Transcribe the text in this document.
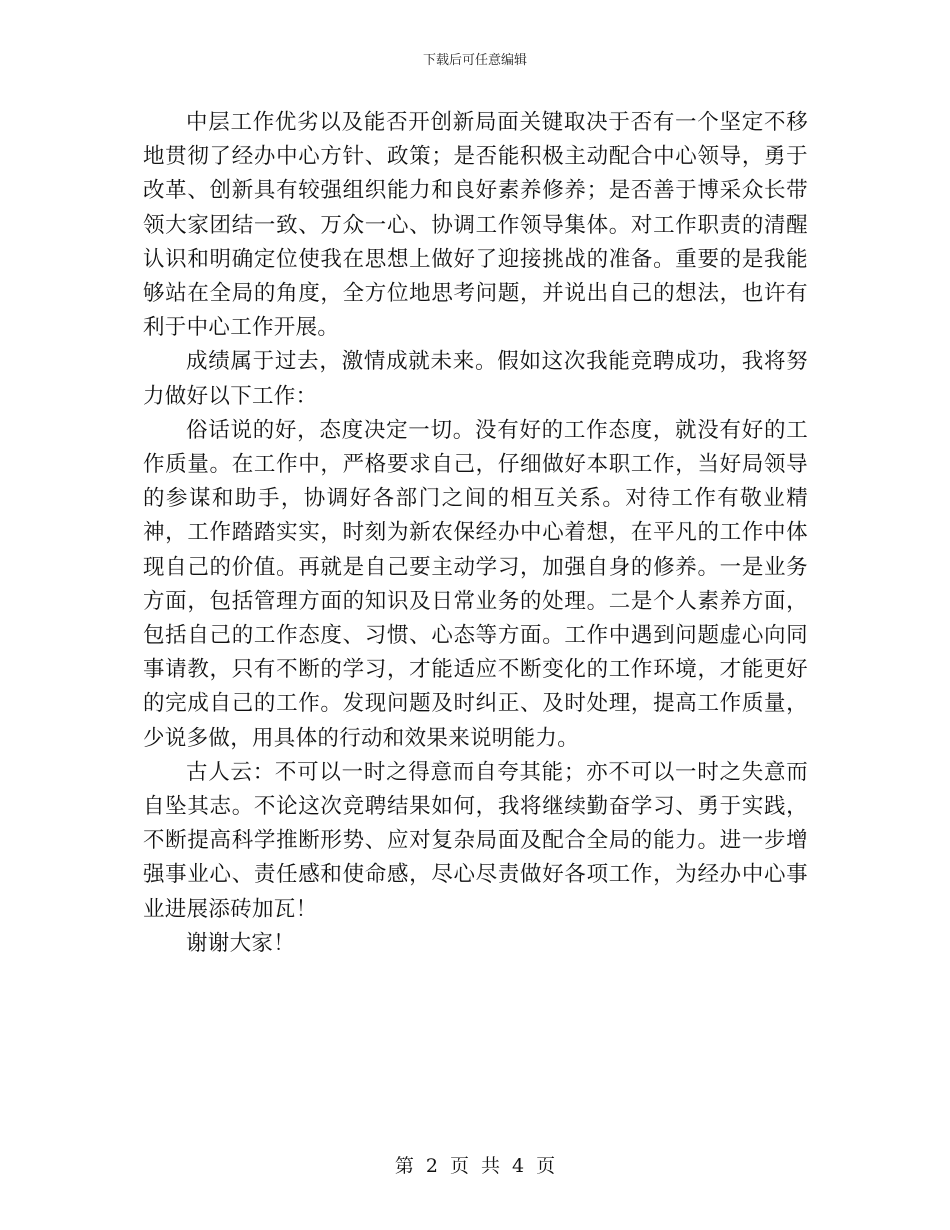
下载后可任意编辑

中层工作优劣以及能否开创新局面关键取决于否有一个坚定不移地贯彻了经办中心方针、政策；是否能积极主动配合中心领导，勇于改革、创新具有较强组织能力和良好素养修养；是否善于博采众长带领大家团结一致、万众一心、协调工作领导集体。对工作职责的清醒认识和明确定位使我在思想上做好了迎接挑战的准备。重要的是我能够站在全局的角度，全方位地思考问题，并说出自己的想法，也许有利于中心工作开展。

成绩属于过去，激情成就未来。假如这次我能竞聘成功，我将努力做好以下工作：

俗话说的好，态度决定一切。没有好的工作态度，就没有好的工作质量。在工作中，严格要求自己，仔细做好本职工作，当好局领导的参谋和助手，协调好各部门之间的相互关系。对待工作有敬业精神，工作踏踏实实，时刻为新农保经办中心着想，在平凡的工作中体现自己的价值。再就是自己要主动学习，加强自身的修养。一是业务方面，包括管理方面的知识及日常业务的处理。二是个人素养方面，包括自己的工作态度、习惯、心态等方面。工作中遇到问题虚心向同事请教，只有不断的学习，才能适应不断变化的工作环境，才能更好的完成自己的工作。发现问题及时纠正、及时处理，提高工作质量，少说多做，用具体的行动和效果来说明能力。

古人云：不可以一时之得意而自夸其能；亦不可以一时之失意而自坠其志。不论这次竞聘结果如何，我将继续勤奋学习、勇于实践，不断提高科学推断形势、应对复杂局面及配合全局的能力。进一步增强事业心、责任感和使命感，尽心尽责做好各项工作，为经办中心事业进展添砖加瓦！

谢谢大家！

第 2 页 共 4 页
